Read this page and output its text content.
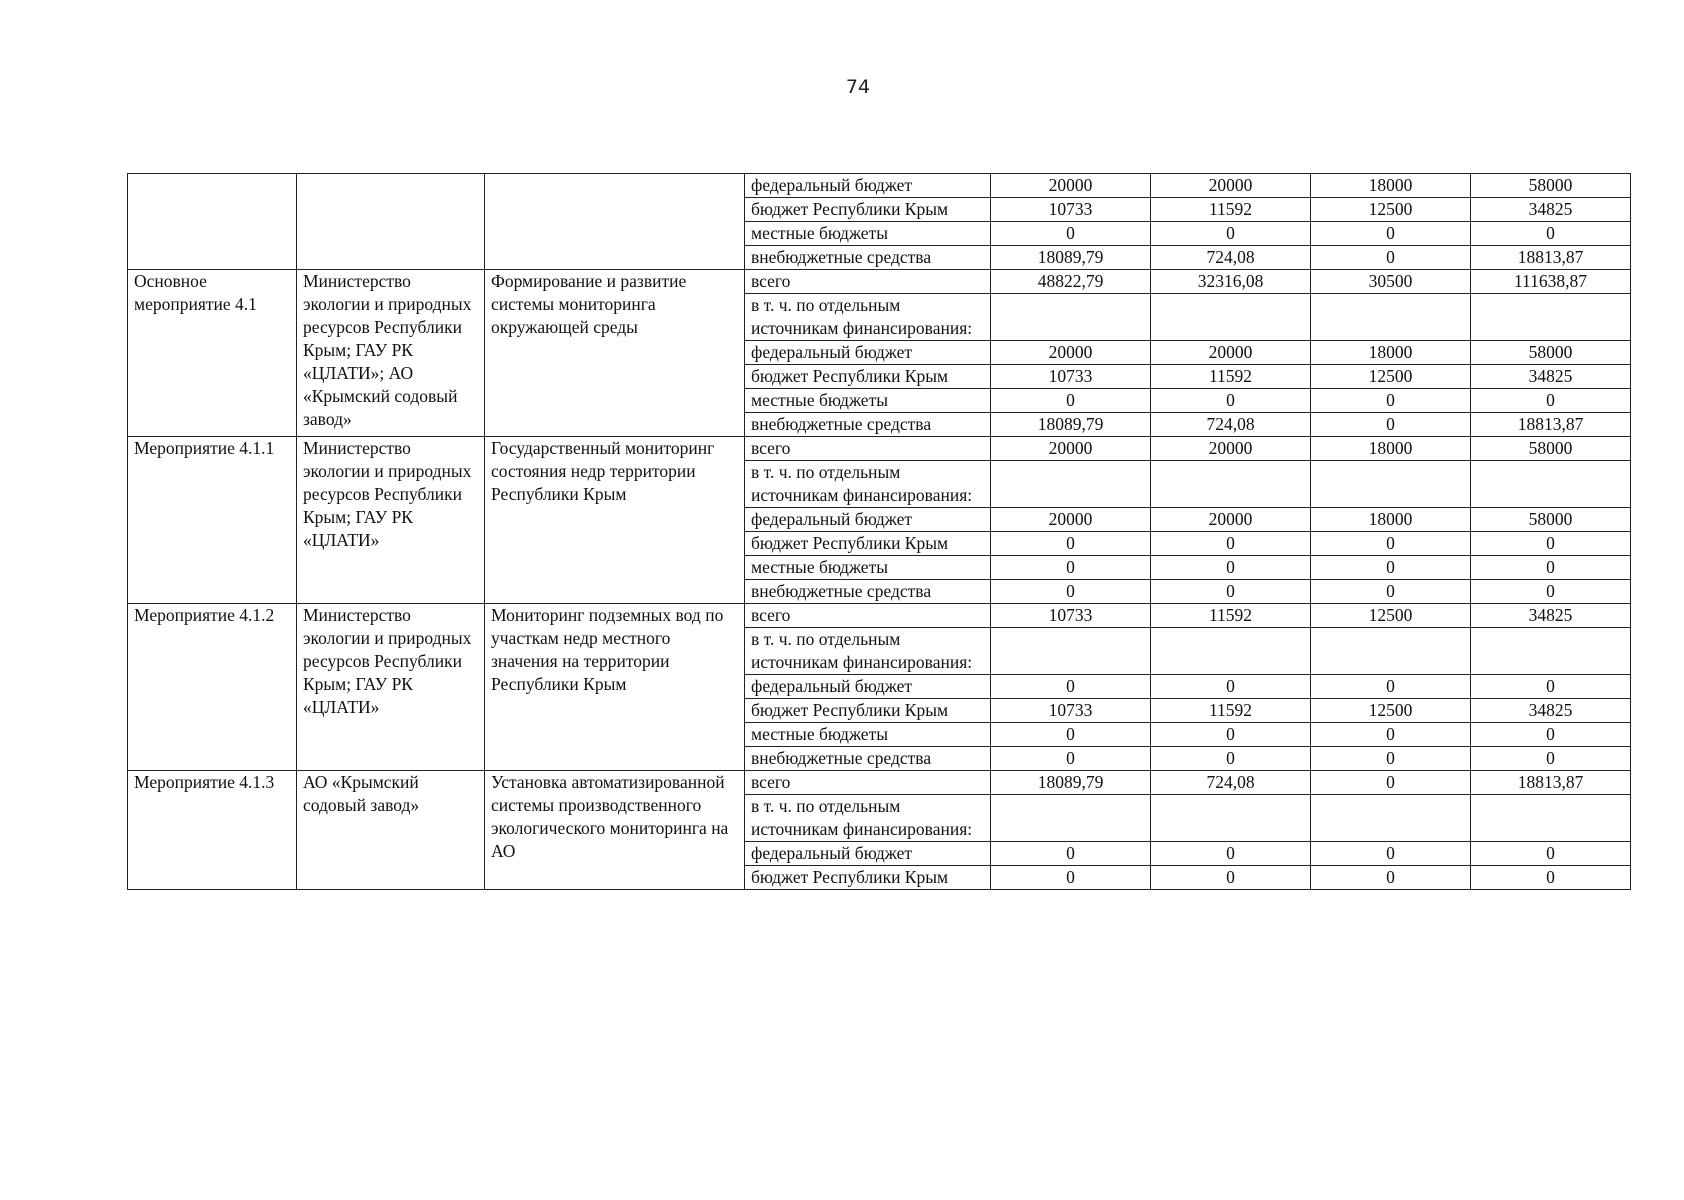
74
			федеральный бюджет	20000	20000	18000	58000
			бюджет Республики Крым	10733	11592	12500	34825
			местные бюджеты	0	0	0	0
			внебюджетные средства	18089,79	724,08	0	18813,87
Основное мероприятие 4.1	Министерство экологии и природных ресурсов Республики Крым; ГАУ РК «ЦЛАТИ»; АО «Крымский содовый завод»	Формирование и развитие системы мониторинга окружающей среды	всего	48822,79	32316,08	30500	111638,87
			в т. ч. по отдельным источникам финансирования:				
			федеральный бюджет	20000	20000	18000	58000
			бюджет Республики Крым	10733	11592	12500	34825
			местные бюджеты	0	0	0	0
			внебюджетные средства	18089,79	724,08	0	18813,87
Мероприятие 4.1.1	Министерство экологии и природных ресурсов Республики Крым; ГАУ РК «ЦЛАТИ»	Государственный мониторинг состояния недр территории Республики Крым	всего	20000	20000	18000	58000
			в т. ч. по отдельным источникам финансирования:				
			федеральный бюджет	20000	20000	18000	58000
			бюджет Республики Крым	0	0	0	0
			местные бюджеты	0	0	0	0
			внебюджетные средства	0	0	0	0
Мероприятие 4.1.2	Министерство экологии и природных ресурсов Республики Крым; ГАУ РК «ЦЛАТИ»	Мониторинг подземных вод по участкам недр местного значения на территории Республики Крым	всего	10733	11592	12500	34825
			в т. ч. по отдельным источникам финансирования:				
			федеральный бюджет	0	0	0	0
			бюджет Республики Крым	10733	11592	12500	34825
			местные бюджеты	0	0	0	0
			внебюджетные средства	0	0	0	0
Мероприятие 4.1.3	АО «Крымский содовый завод»	Установка автоматизированной системы производственного экологического мониторинга на АО	всего	18089,79	724,08	0	18813,87
			в т. ч. по отдельным источникам финансирования:				
			федеральный бюджет	0	0	0	0
			бюджет Республики Крым	0	0	0	0
